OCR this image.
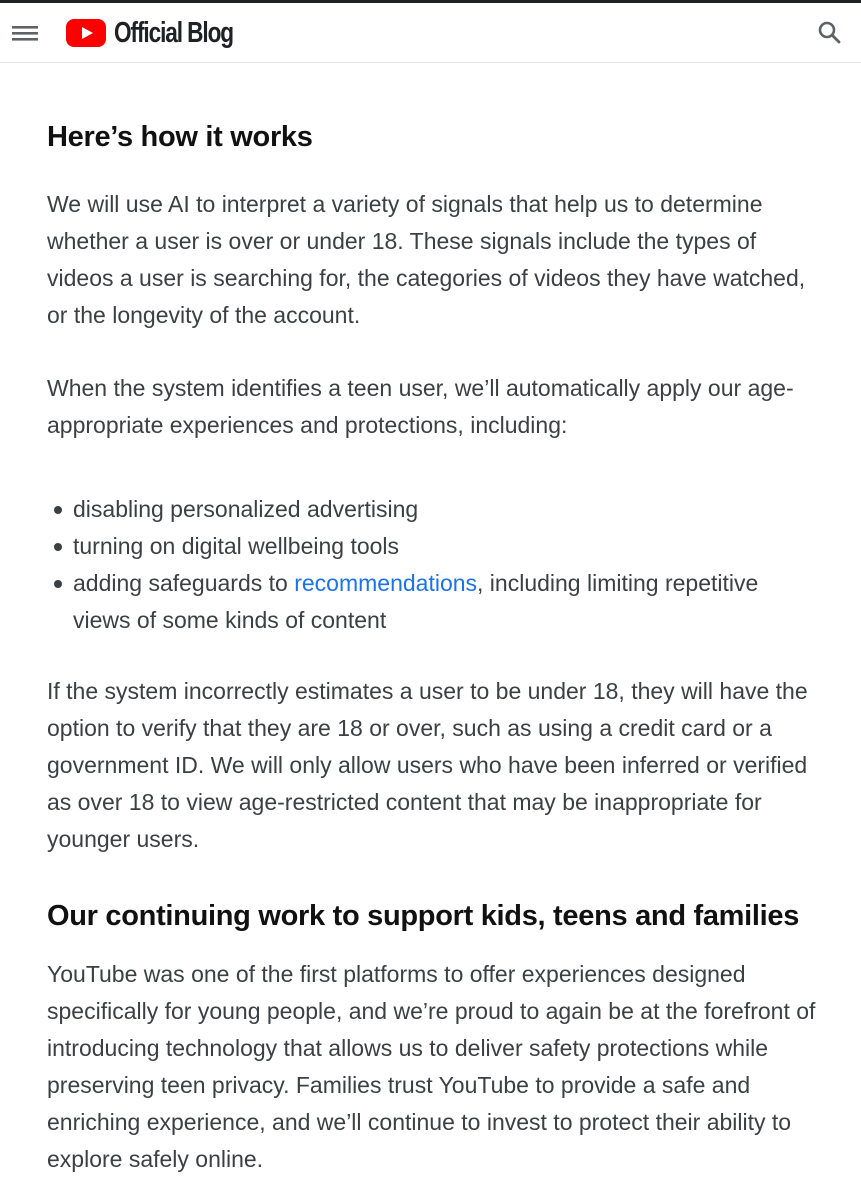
Official Blog
Here’s how it works

We will use AI to interpret a variety of signals that help us to determine whether a user is over or under 18. These signals include the types of videos a user is searching for, the categories of videos they have watched, or the longevity of the account.

When the system identifies a teen user, we’ll automatically apply our age-appropriate experiences and protections, including:

disabling personalized advertising
turning on digital wellbeing tools
adding safeguards to recommendations, including limiting repetitive views of some kinds of content

If the system incorrectly estimates a user to be under 18, they will have the option to verify that they are 18 or over, such as using a credit card or a government ID. We will only allow users who have been inferred or verified as over 18 to view age-restricted content that may be inappropriate for younger users.

Our continuing work to support kids, teens and families

YouTube was one of the first platforms to offer experiences designed specifically for young people, and we’re proud to again be at the forefront of introducing technology that allows us to deliver safety protections while preserving teen privacy. Families trust YouTube to provide a safe and enriching experience, and we’ll continue to invest to protect their ability to explore safely online.
